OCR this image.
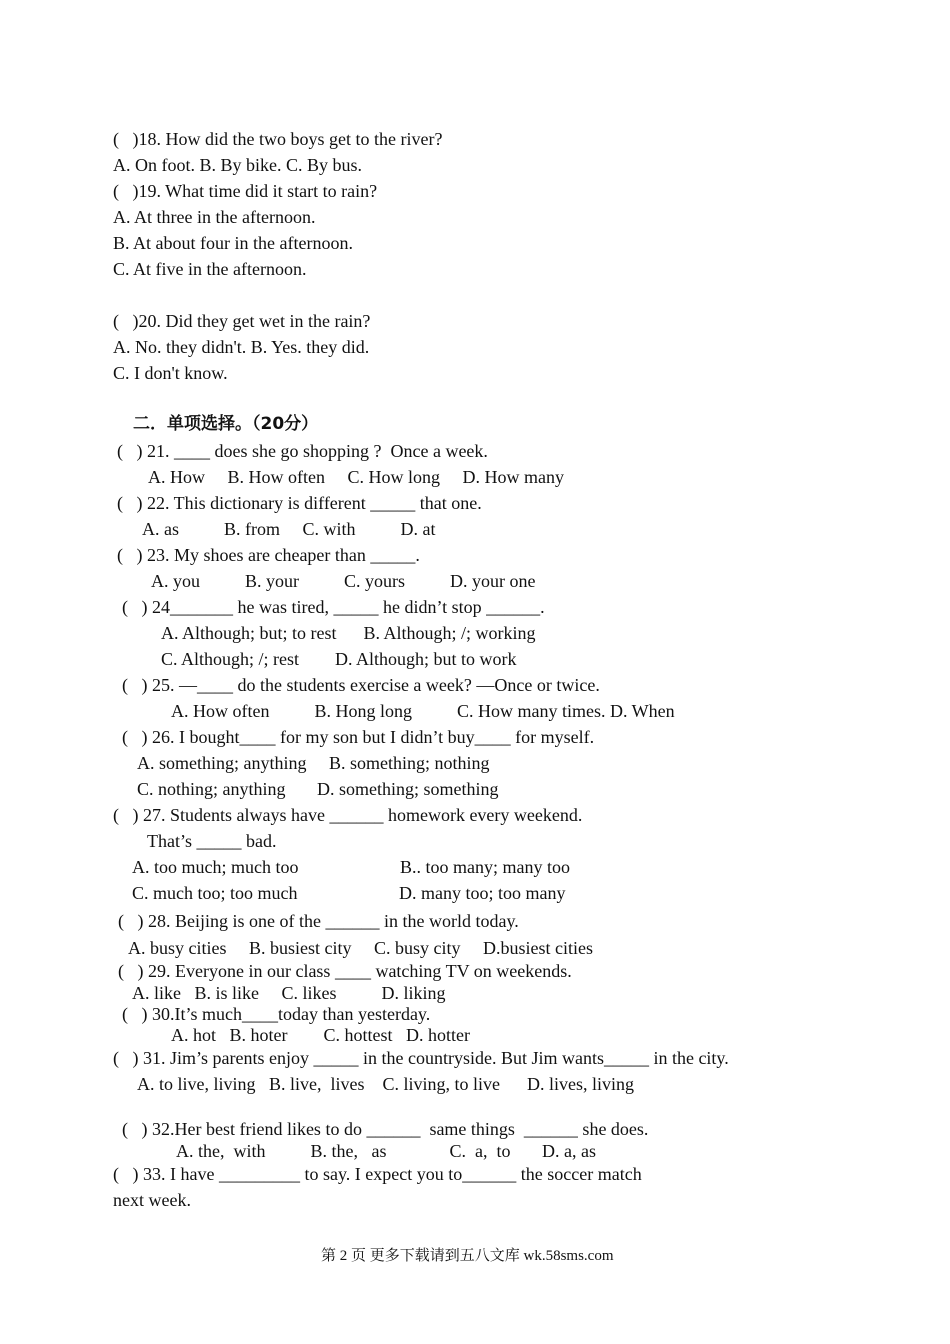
(   )18. How did the two boys get to the river?

A. On foot. B. By bike. C. By bus.

(   )19. What time did it start to rain?

A. At three in the afternoon.

B. At about four in the afternoon.

C. At five in the afternoon.

(   )20. Did they get wet in the rain?

A. No. they didn't. B. Yes. they did.

C. I don't know.

二．单项选择。（20分）

(   ) 21. ____ does she go shopping ?  Once a week.

A. How     B. How often     C. How long     D. How many

(   ) 22. This dictionary is different _____ that one.

A. as          B. from     C. with          D. at

(   ) 23. My shoes are cheaper than _____.

A. you          B. your          C. yours          D. your one

(   ) 24_______ he was tired, _____ he didn’t stop ______.

A. Although; but; to rest      B. Although; /; working

C. Although; /; rest        D. Although; but to work

(   ) 25. —____ do the students exercise a week? —Once or twice.

A. How often          B. Hong long          C. How many times. D. When

(   ) 26. I bought____ for my son but I didn’t buy____ for myself.

A. something; anything     B. something; nothing

C. nothing; anything       D. something; something

(   ) 27. Students always have ______ homework every weekend.

That’s _____ bad.

A. too much; much too	B.. too many; many too

C. much too; too much	D. many too; too many

(   ) 28. Beijing is one of the ______ in the world today.

A. busy cities     B. busiest city     C. busy city     D.busiest cities

(   ) 29. Everyone in our class ____ watching TV on weekends.

A. like   B. is like     C. likes          D. liking

(   ) 30.It’s much____today than yesterday.

A. hot   B. hoter        C. hottest   D. hotter

(   ) 31. Jim’s parents enjoy _____ in the countryside. But Jim wants_____ in the city.

A. to live, living   B. live,  lives    C. living, to live      D. lives, living

(   ) 32.Her best friend likes to do ______  same things  ______ she does.

A. the,  with          B. the,   as              C.  a,  to       D. a, as

(   ) 33. I have _________ to say. I expect you to______ the soccer match

next week.

第 2 页 更多下载请到五八文库 wk.58sms.com
